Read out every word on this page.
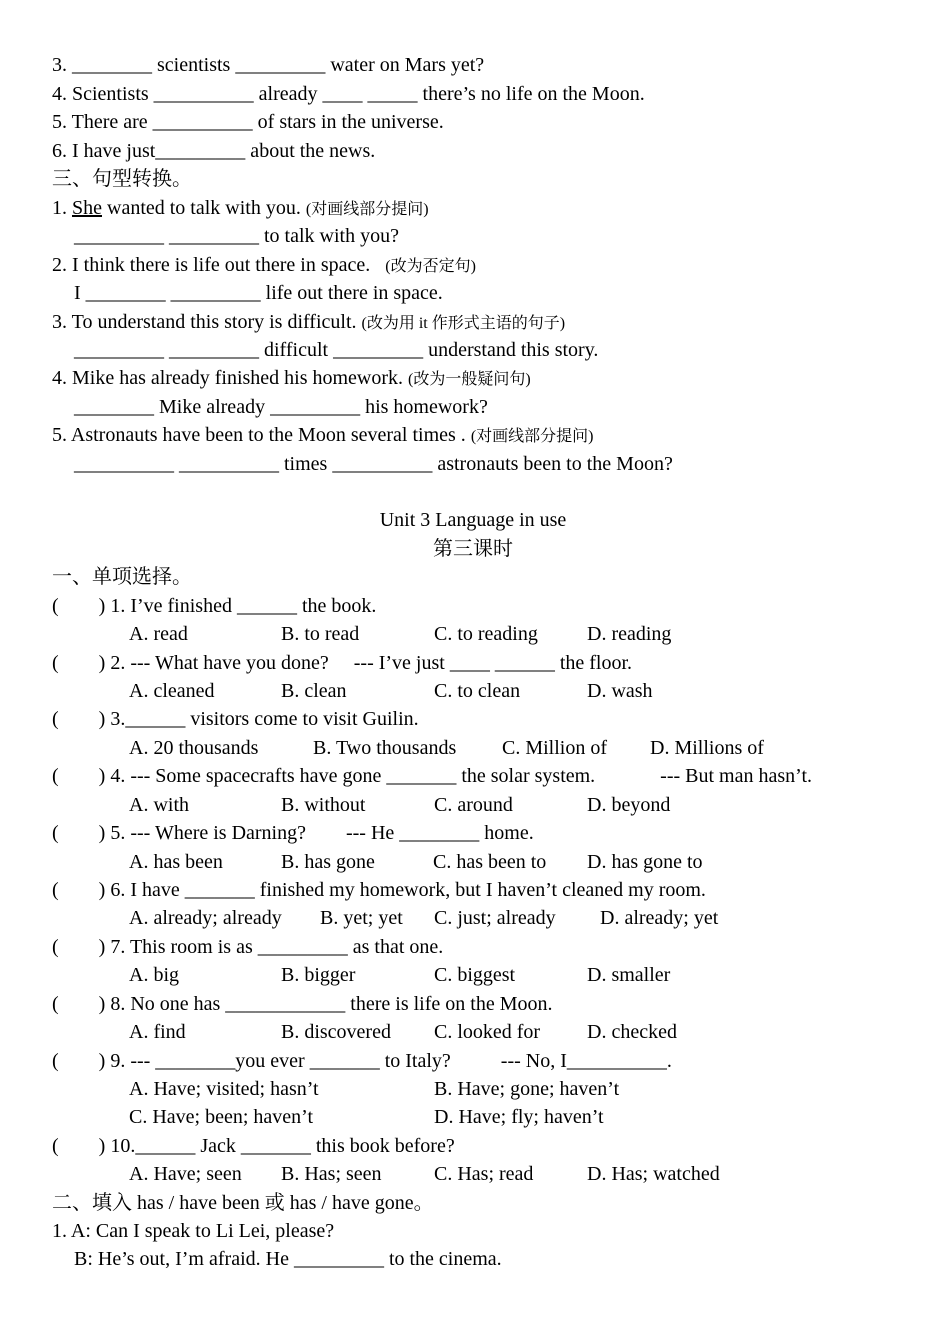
3. ________ scientists _________ water on Mars yet?
4. Scientists __________ already ____ _____ there’s no life on the Moon.
5. There are __________ of stars in the universe.
6. I have just_________ about the news.
三、句型转换。
1. She wanted to talk with you. (对画线部分提问)
_________ _________ to talk with you?
2. I think there is life out there in space.   (改为否定句)
I ________ _________ life out there in space.
3. To understand this story is difficult. (改为用 it 作形式主语的句子)
_________ _________ difficult _________ understand this story.
4. Mike has already finished his homework. (改为一般疑问句)
________ Mike already _________ his homework?
5. Astronauts have been to the Moon several times . (对画线部分提问)
__________ __________ times __________ astronauts been to the Moon?
Unit 3 Language in use
第三课时
一、单项选择。
(        ) 1. I’ve finished ______ the book.
A. read	B. to read	C. to reading D. reading
(        ) 2. --- What have you done?     --- I’ve just ____ ______ the floor.
A. cleaned	B. clean	C. to clean	D. wash
(        ) 3.______ visitors come to visit Guilin.
A. 20 thousands	B. Two thousands C. Million of D. Millions of
(        ) 4. --- Some spacecrafts have gone _______ the solar system.             --- But man hasn’t.
A. with	B. without	C. around	D. beyond
(        ) 5. --- Where is Darning?        --- He ________ home.
A. has been	B. has gone	C. has been to D. has gone to
(        ) 6. I have _______ finished my homework, but I haven’t cleaned my room.
A. already; already B. yet; yet C. just; already D. already; yet
(        ) 7. This room is as _________ as that one.
A. big	B. bigger	C. biggest	D. smaller
(        ) 8. No one has ____________ there is life on the Moon.
A. find	B. discovered C. looked for D. checked
(        ) 9. --- ________you ever _______ to Italy?          --- No, I__________.
A. Have; visited; hasn’t	B. Have; gone; haven’t
C. Have; been; haven’t	D. Have; fly; haven’t
(        ) 10.______ Jack _______ this book before?
A. Have; seen B. Has; seen	C. Has; read	D. Has; watched
二、填入 has / have been 或 has / have gone。
1. A: Can I speak to Li Lei, please?
B: He’s out, I’m afraid. He _________ to the cinema.
